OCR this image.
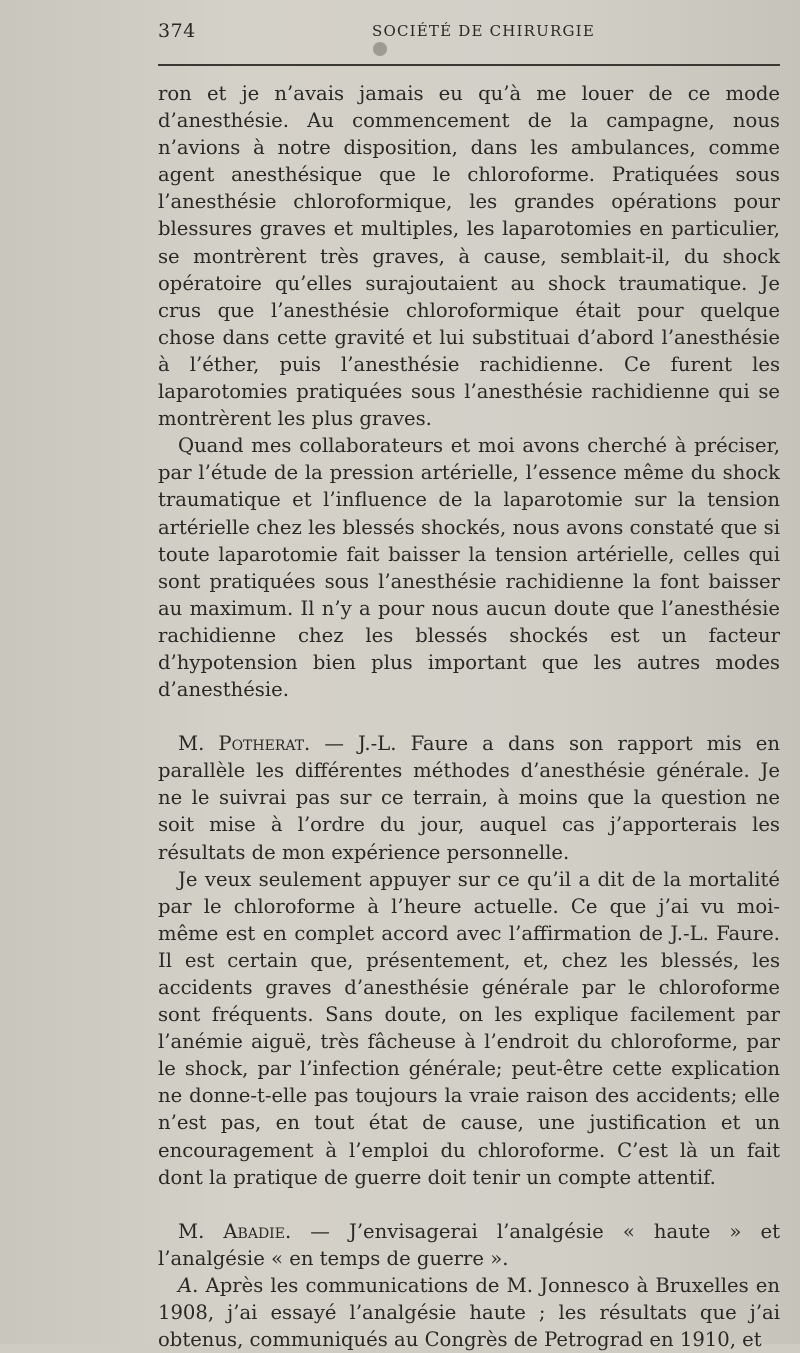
374	SOCIÉTÉ DE CHIRURGIE

ron et je n’avais jamais eu qu’à me louer de ce mode d’anesthésie. Au commencement de la campagne, nous n’avions à notre disposition, dans les ambulances, comme agent anesthésique que le chloroforme. Pratiquées sous l’anesthésie chloroformique, les grandes opérations pour blessures graves et multiples, les laparotomies en particulier, se montrèrent très graves, à cause, semblait-il, du shock opératoire qu’elles surajoutaient au shock traumatique. Je crus que l’anesthésie chloroformique était pour quelque chose dans cette gravité et lui substituai d’abord l’anesthésie à l’éther, puis l’anesthésie rachidienne. Ce furent les laparotomies pratiquées sous l’anesthésie rachidienne qui se montrèrent les plus graves.

Quand mes collaborateurs et moi avons cherché à préciser, par l’étude de la pression artérielle, l’essence même du shock traumatique et l’influence de la laparotomie sur la tension artérielle chez les blessés shockés, nous avons constaté que si toute laparotomie fait baisser la tension artérielle, celles qui sont pratiquées sous l’anesthésie rachidienne la font baisser au maximum. Il n’y a pour nous aucun doute que l’anesthésie rachidienne chez les blessés shockés est un facteur d’hypotension bien plus important que les autres modes d’anesthésie.

M. Potherat. — J.-L. Faure a dans son rapport mis en parallèle les différentes méthodes d’anesthésie générale. Je ne le suivrai pas sur ce terrain, à moins que la question ne soit mise à l’ordre du jour, auquel cas j’apporterais les résultats de mon expérience personnelle.

Je veux seulement appuyer sur ce qu’il a dit de la mortalité par le chloroforme à l’heure actuelle. Ce que j’ai vu moi-même est en complet accord avec l’affirmation de J.-L. Faure. Il est certain que, présentement, et, chez les blessés, les accidents graves d’anesthésie générale par le chloroforme sont fréquents. Sans doute, on les explique facilement par l’anémie aiguë, très fâcheuse à l’endroit du chloroforme, par le shock, par l’infection générale; peut-être cette explication ne donne-t-elle pas toujours la vraie raison des accidents; elle n’est pas, en tout état de cause, une justification et un encouragement à l’emploi du chloroforme. C’est là un fait dont la pratique de guerre doit tenir un compte attentif.

M. Abadie. — J’envisagerai l’analgésie « haute » et l’analgésie « en temps de guerre ».

A. Après les communications de M. Jonnesco à Bruxelles en 1908, j’ai essayé l’analgésie haute ; les résultats que j’ai obtenus, communiqués au Congrès de Petrograd en 1910, et
